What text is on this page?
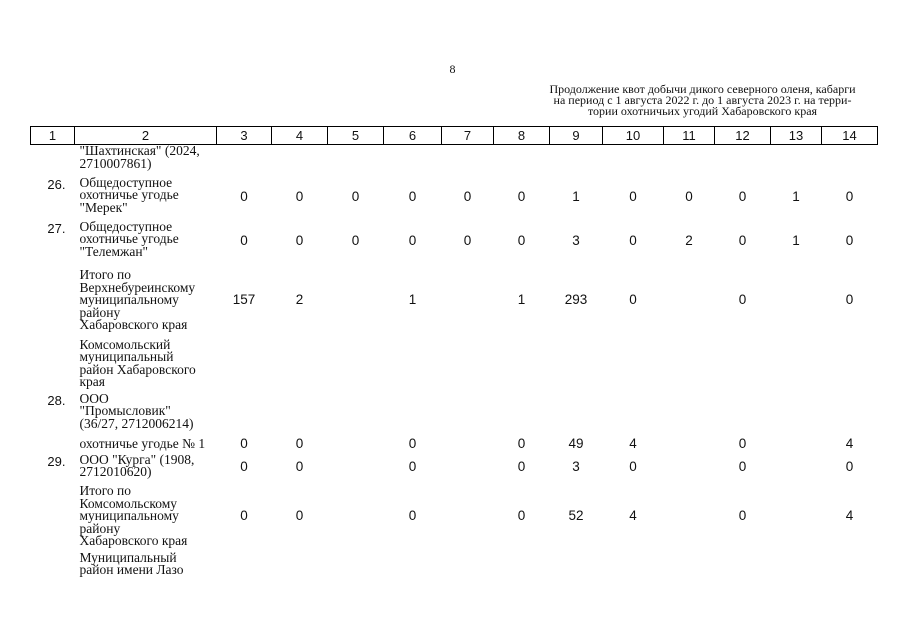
8
Продолжение квот добычи дикого северного оленя, кабарги
на период с 1 августа 2022 г. до 1 августа 2023 г. на терри-
тории охотничьих угодий Хабаровского края
1	2	3	4	5	6	7	8	9	10	11	12	13	14

	"Шахтинская" (2024,
2710007861)												

26.	Общедоступное
охотничье угодье
"Мерек"	0	0	0	0	0	0	1	0	0	0	1	0
27.	Общедоступное
охотничье угодье
"Телемжан"	0	0	0	0	0	0	3	0	2	0	1	0

	Итого по
Верхнебуреинскому
муниципальному
району
Хабаровского края	157	2		1		1	293	0		0		0

	Комсомольский
муниципальный
район Хабаровского
края												

28.	ООО
"Промысловик"
(36/27, 2712006214)												

	охотничье угодье № 1	0	0		0		0	49	4		0		4
29.	ООО "Курга" (1908,
2712010620)	0	0		0		0	3	0		0		0

	Итого по
Комсомольскому
муниципальному
району
Хабаровского края	0	0		0		0	52	4		0		4

	Муниципальный
район имени Лазо												
